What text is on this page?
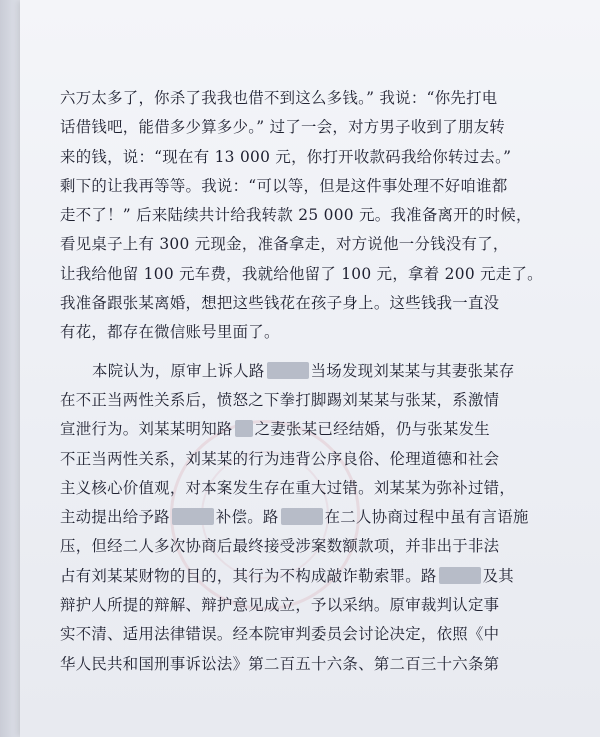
六万太多了，你杀了我我也借不到这么多钱。” 我说：“你先打电
话借钱吧，能借多少算多少。” 过了一会，对方男子收到了朋友转
来的钱，说：“现在有 13 000 元，你打开收款码我给你转过去。”
剩下的让我再等等。我说：“可以等，但是这件事处理不好咱谁都
走不了！” 后来陆续共计给我转款 25 000 元。我准备离开的时候，
看见桌子上有 300 元现金，准备拿走，对方说他一分钱没有了，
让我给他留 100 元车费，我就给他留了 100 元，拿着 200 元走了。
我准备跟张某离婚，想把这些钱花在孩子身上。这些钱我一直没
有花，都存在微信账号里面了。
本院认为，原审上诉人路	当场发现刘某某与其妻张某存
在不正当两性关系后，愤怒之下拳打脚踢刘某某与张某，系激情
宣泄行为。刘某某明知路 之妻张某已经结婚，仍与张某发生
不正当两性关系，刘某某的行为违背公序良俗、伦理道德和社会
主义核心价值观，对本案发生存在重大过错。刘某某为弥补过错，
主动提出给予路	补偿。路	在二人协商过程中虽有言语施
压，但经二人多次协商后最终接受涉案数额款项，并非出于非法
占有刘某某财物的目的，其行为不构成敲诈勒索罪。路	及其
辩护人所提的辩解、辩护意见成立，予以采纳。原审裁判认定事
实不清、适用法律错误。经本院审判委员会讨论决定，依照《中
华人民共和国刑事诉讼法》第二百五十六条、第二百三十六条第
